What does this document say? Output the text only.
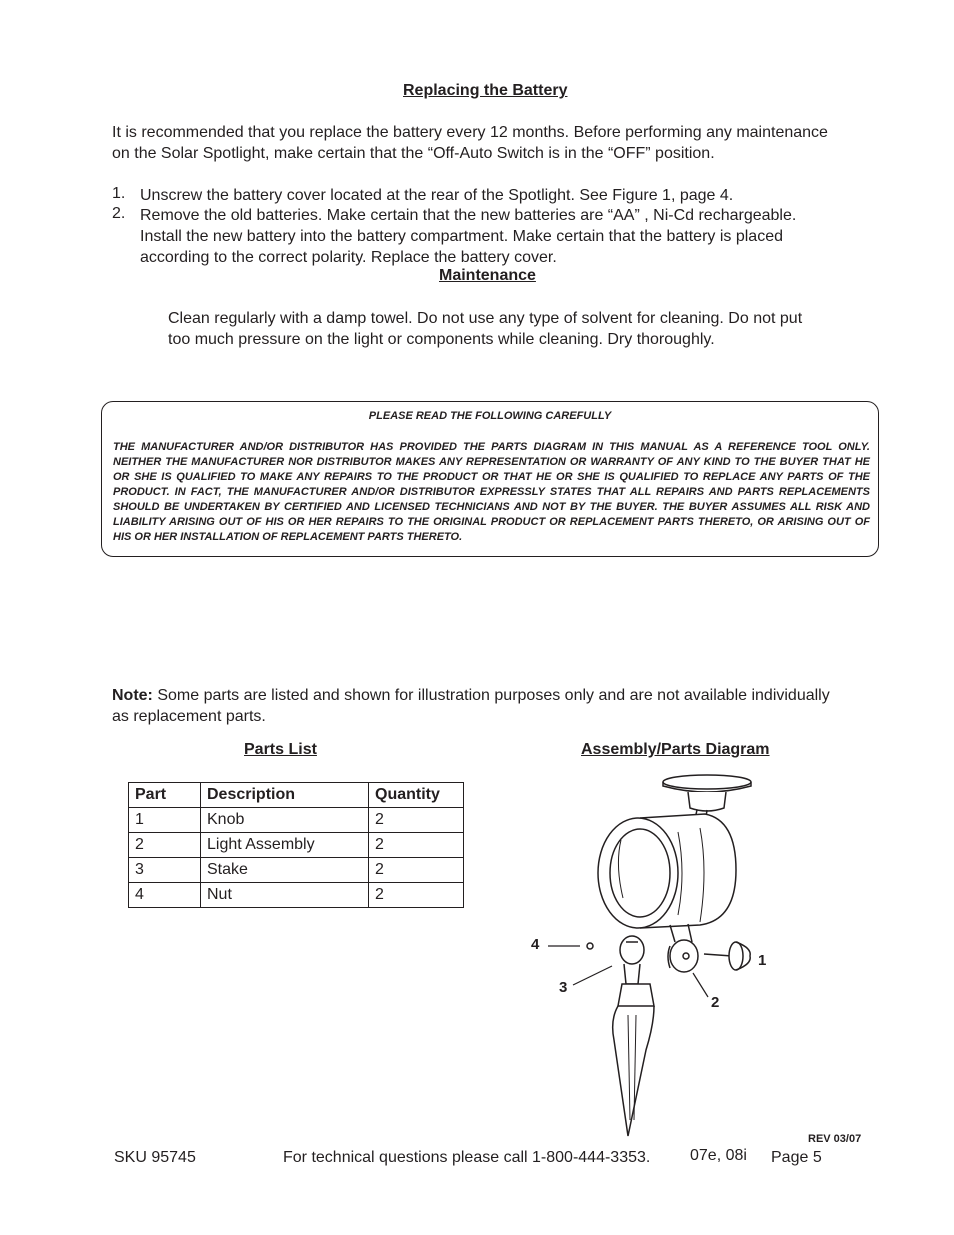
Replacing the Battery
It is recommended that you replace the battery every 12 months. Before performing any maintenance
on the Solar Spotlight, make certain that the “Off-Auto Switch is in the “OFF” position.
1. Unscrew the battery cover located at the rear of the Spotlight. See Figure 1, page 4.
2. Remove the old batteries. Make certain that the new batteries are “AA” , Ni-Cd rechargeable.
Install the new battery into the battery compartment. Make certain that the battery is placed
according to the correct polarity. Replace the battery cover.
Maintenance
Clean regularly with a damp towel. Do not use any type of solvent for cleaning. Do not put
too much pressure on the light or components while cleaning. Dry thoroughly.
PLEASE READ THE FOLLOWING CAREFULLY
THE MANUFACTURER AND/OR DISTRIBUTOR HAS PROVIDED THE PARTS DIAGRAM IN THIS MANUAL AS A REFERENCE TOOL ONLY. NEITHER THE MANUFACTURER NOR DISTRIBUTOR MAKES ANY REPRESENTATION OR WARRANTY OF ANY KIND TO THE BUYER THAT HE OR SHE IS QUALIFIED TO MAKE ANY REPAIRS TO THE PRODUCT OR THAT HE OR SHE IS QUALIFIED TO REPLACE ANY PARTS OF THE PRODUCT. IN FACT, THE MANUFACTURER AND/OR DISTRIBUTOR EXPRESSLY STATES THAT ALL REPAIRS AND PARTS REPLACEMENTS SHOULD BE UNDERTAKEN BY CERTIFIED AND LICENSED TECHNICIANS AND NOT BY THE BUYER. THE BUYER ASSUMES ALL RISK AND LIABILITY ARISING OUT OF HIS OR HER REPAIRS TO THE ORIGINAL PRODUCT OR REPLACEMENT PARTS THERETO, OR ARISING OUT OF HIS OR HER INSTALLATION OF REPLACEMENT PARTS THERETO.
Note: Some parts are listed and shown for illustration purposes only and are not available individually
as replacement parts.
Parts List
Part	Description	Quantity
1	Knob	2
2	Light Assembly	2
3	Stake	2
4	Nut	2
Assembly/Parts Diagram
4
3
2
1
REV 03/07
SKU 95745	For technical questions please call 1-800-444-3353. 07e, 08i Page 5
